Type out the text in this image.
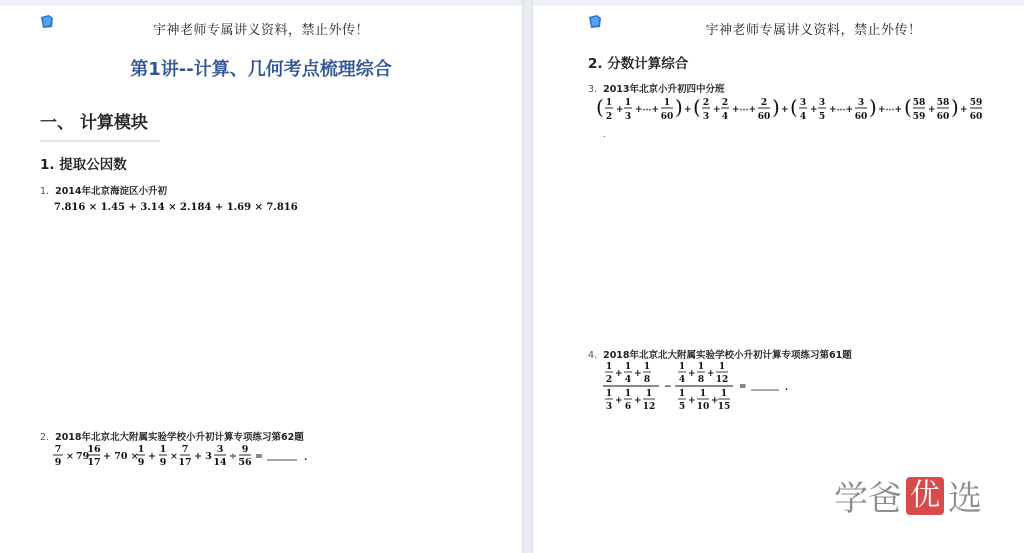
宇神老师专属讲义资料，禁止外传！
第1讲--计算、几何考点梳理综合
一、 计算模块
1. 提取公因数
1. 2014年北京海淀区小升初
7.816 × 1.45 + 3.14 × 2.184 + 1.69 × 7.816
2. 2018年北京北大附属实验学校小升初计算专项练习第62题
7
9
× 79
16
17
+ 70 ×
1
9
+
1
9
×
7
17
+ 3
3
14
÷
9
56
=	.
宇神老师专属讲义资料，禁止外传！
2. 分数计算综合
3. 2013年北京小升初四中分班
( 1
2
+
1
3
+⋯+
1
60 ) + ( 2
3
+
2
4
+⋯+
2
60 ) + ( 3
4
+
3
5
+⋯+
3
60 ) +⋯+ ( 58
59
+
58
60 ) +
59
60
.
4. 2018年北京北大附属实验学校小升初计算专项练习第61题
1
2
+
1
4
+
1
8
1
3
+
1
6
+
1
12
−
1
4
+
1
8
+
1
12
1
5
+
1
10
+
1
15
=	.
学 爸 优 选
